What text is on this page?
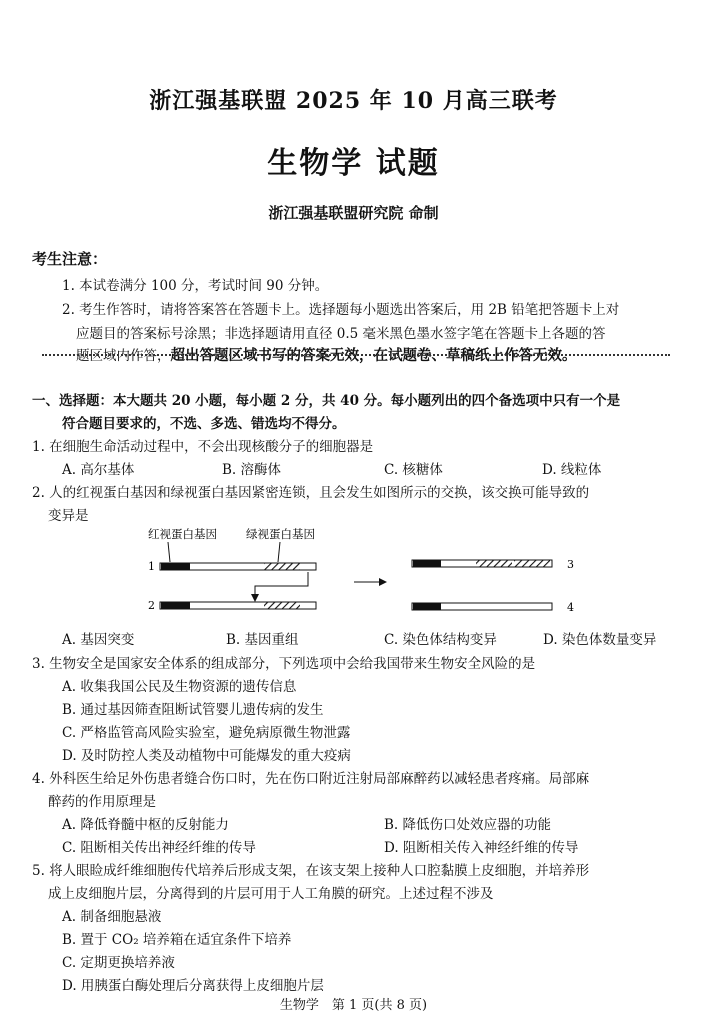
浙江强基联盟 2025 年 10 月高三联考
生物学 试题
浙江强基联盟研究院 命制
考生注意：
1. 本试卷满分 100 分，考试时间 90 分钟。
2. 考生作答时，请将答案答在答题卡上。选择题每小题选出答案后，用 2B 铅笔把答题卡上对
应题目的答案标号涂黑；非选择题请用直径 0.5 毫米黑色墨水签字笔在答题卡上各题的答
题区域内作答，超出答题区域书写的答案无效，在试题卷、草稿纸上作答无效。
一、选择题：本大题共 20 小题，每小题 2 分，共 40 分。每小题列出的四个备选项中只有一个是
符合题目要求的，不选、多选、错选均不得分。
1. 在细胞生命活动过程中，不会出现核酸分子的细胞器是
A. 高尔基体	B. 溶酶体	C. 核糖体	D. 线粒体
2. 人的红视蛋白基因和绿视蛋白基因紧密连锁，且会发生如图所示的交换，该交换可能导致的
变异是
红视蛋白基因	绿视蛋白基因
1
2
3
4
A. 基因突变	B. 基因重组	C. 染色体结构变异	D. 染色体数量变异
3. 生物安全是国家安全体系的组成部分，下列选项中会给我国带来生物安全风险的是
A. 收集我国公民及生物资源的遗传信息
B. 通过基因筛查阻断试管婴儿遗传病的发生
C. 严格监管高风险实验室，避免病原微生物泄露
D. 及时防控人类及动植物中可能爆发的重大疫病
4. 外科医生给足外伤患者缝合伤口时，先在伤口附近注射局部麻醉药以减轻患者疼痛。局部麻
醉药的作用原理是
A. 降低脊髓中枢的反射能力	B. 降低伤口处效应器的功能
C. 阻断相关传出神经纤维的传导	D. 阻断相关传入神经纤维的传导
5. 将人眼睑成纤维细胞传代培养后形成支架，在该支架上接种人口腔黏膜上皮细胞，并培养形
成上皮细胞片层，分离得到的片层可用于人工角膜的研究。上述过程不涉及
A. 制备细胞悬液
B. 置于 CO₂ 培养箱在适宜条件下培养
C. 定期更换培养液
D. 用胰蛋白酶处理后分离获得上皮细胞片层
生物学　第 1 页(共 8 页)
